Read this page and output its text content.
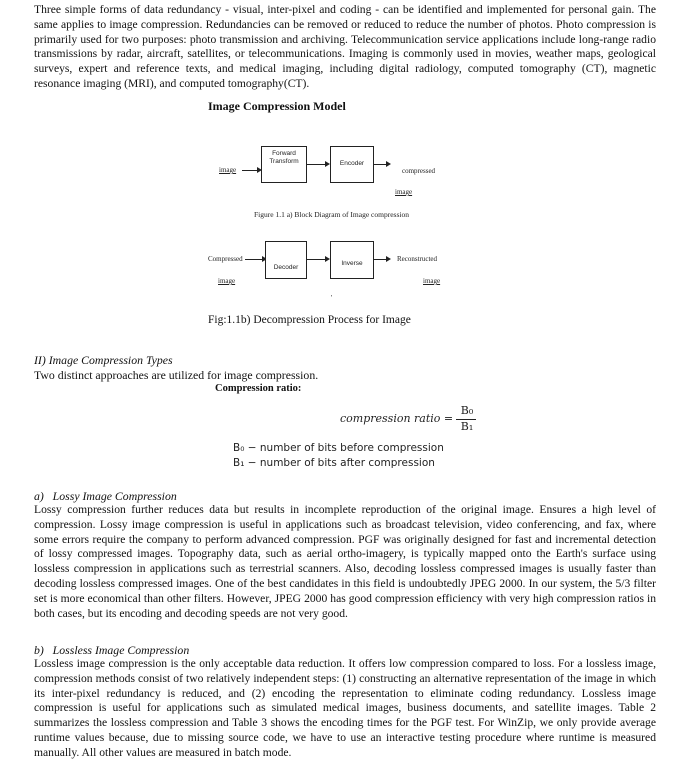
Three simple forms of data redundancy - visual, inter-pixel and coding - can be identified and implemented for personal gain. The same applies to image compression. Redundancies can be removed or reduced to reduce the number of photos. Photo compression is primarily used for two purposes: photo transmission and archiving. Telecommunication service applications include long-range radio transmissions by radar, aircraft, satellites, or telecommunications. Imaging is commonly used in movies, weather maps, geological surveys, expert and reference texts, and medical imaging, including digital radiology, computed tomography (CT), magnetic resonance imaging (MRI), and computed tomography(CT).

Image Compression Model

image
Forward
Transform	Encoder
compressed
image
Figure 1.1 a) Block Diagram of Image compression
Compressed
image
Decoder
Inverse
Reconstructed
image
'
Fig:1.1b) Decompression Process for Image

II) Image Compression Types

Two distinct approaches are utilized for image compression.

Compression ratio:

compression ratio =
B₀
B₁
B₀ − number of bits before compression
B₁ − number of bits after compression

a)   Lossy Image Compression

Lossy compression further reduces data but results in incomplete reproduction of the original image. Ensures a high level of compression. Lossy image compression is useful in applications such as broadcast television, video conferencing, and fax, where some errors require the company to perform advanced compression. PGF was originally designed for fast and incremental detection of lossy compressed images. Topography data, such as aerial ortho-imagery, is typically mapped onto the Earth's surface using lossless compression in applications such as terrestrial scanners. Also, decoding lossless compressed images is usually faster than decoding lossless compressed images. One of the best candidates in this field is undoubtedly JPEG 2000. In our system, the 5/3 filter set is more economical than other filters. However, JPEG 2000 has good compression efficiency with very high compression ratios in both cases, but its encoding and decoding speeds are not very good.

b)   Lossless Image Compression

Lossless image compression is the only acceptable data reduction. It offers low compression compared to loss. For a lossless image, compression methods consist of two relatively independent steps: (1) constructing an alternative representation of the image in which its inter-pixel redundancy is reduced, and (2) encoding the representation to eliminate coding redundancy. Lossless image compression is useful for applications such as simulated medical images, business documents, and satellite images. Table 2 summarizes the lossless compression and Table 3 shows the encoding times for the PGF test. For WinZip, we only provide average runtime values because, due to missing source code, we have to use an interactive testing procedure where runtime is measured manually. All other values are measured in batch mode.
